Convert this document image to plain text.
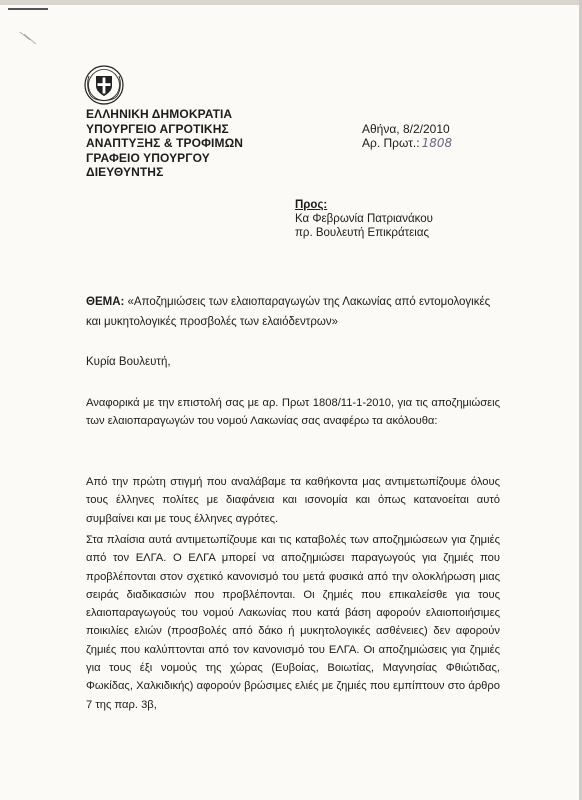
ΕΛΛΗΝΙΚΗ ΔΗΜΟΚΡΑΤΙΑ
ΥΠΟΥΡΓΕΙΟ ΑΓΡΟΤΙΚΗΣ
ΑΝΑΠΤΥΞΗΣ & ΤΡΟΦΙΜΩΝ
ΓΡΑΦΕΙΟ ΥΠΟΥΡΓΟΥ
ΔΙΕΥΘΥΝΤΗΣ
Αθήνα, 8/2/2010
Αρ. Πρωτ.: 1808
Προς:
Κα Φεβρωνία Πατριανάκου
πρ. Βουλευτή Επικράτειας
ΘΕΜΑ: «Αποζημιώσεις των ελαιοπαραγωγών της Λακωνίας από εντομολογικές και μυκητολογικές προσβολές των ελαιόδεντρων»
Κυρία Βουλευτή,
Αναφορικά με την επιστολή σας με αρ. Πρωτ 1808/11-1-2010, για τις αποζημιώσεις των ελαιοπαραγωγών του νομού Λακωνίας σας αναφέρω τα ακόλουθα:
Από την πρώτη στιγμή που αναλάβαμε τα καθήκοντα μας αντιμετωπίζουμε όλους τους έλληνες πολίτες με διαφάνεια και ισονομία και όπως κατανοείται αυτό συμβαίνει και με τους έλληνες αγρότες.
Στα πλαίσια αυτά αντιμετωπίζουμε και τις καταβολές των αποζημιώσεων για ζημιές από τον ΕΛΓΑ. Ο ΕΛΓΑ μπορεί να αποζημιώσει παραγωγούς για ζημιές που προβλέπονται στον σχετικό κανονισμό του μετά φυσικά από την ολοκλήρωση μιας σειράς διαδικασιών που προβλέπονται. Οι ζημιές που επικαλείσθε για τους ελαιοπαραγωγούς του νομού Λακωνίας που κατά βάση αφορούν ελαιοποιήσιμες ποικιλίες ελιών (προσβολές από δάκο ή μυκητολογικές ασθένειες) δεν αφορούν ζημιές που καλύπτονται από τον κανονισμό του ΕΛΓΑ. Οι αποζημιώσεις για ζημιές για τους έξι νομούς της χώρας (Ευβοίας, Βοιωτίας, Μαγνησίας Φθιώτιδας, Φωκίδας, Χαλκιδικής) αφορούν βρώσιμες ελιές με ζημιές που εμπίπτουν στο άρθρο 7 της παρ. 3β,
